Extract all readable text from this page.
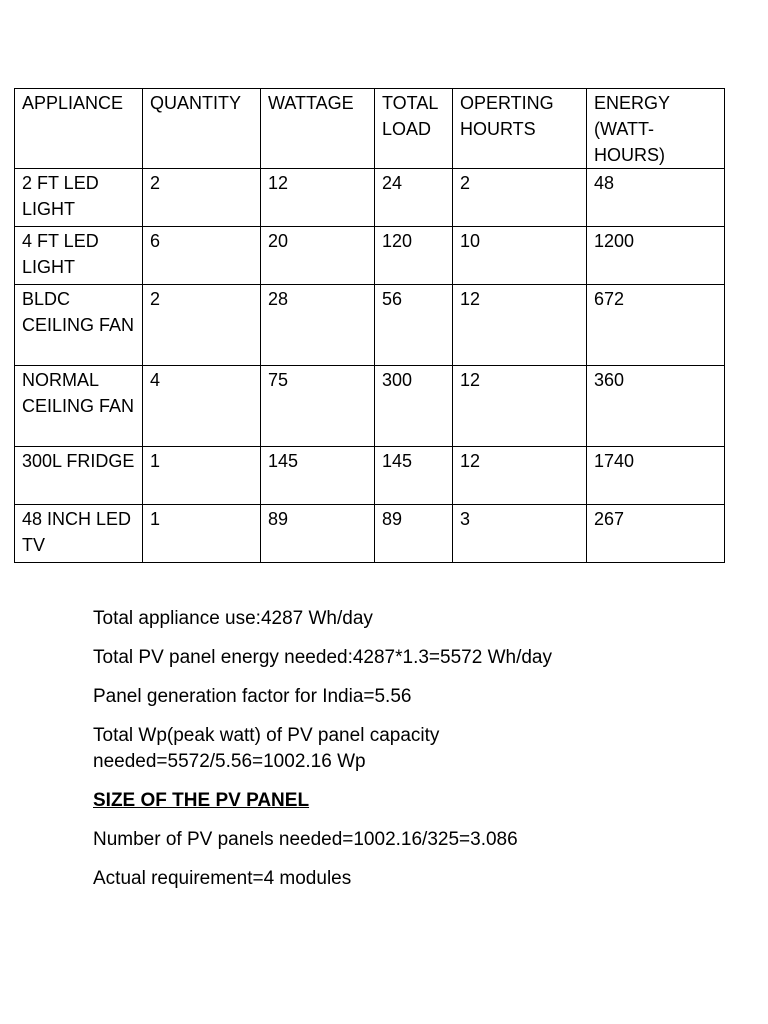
APPLIANCE	QUANTITY	WATTAGE	TOTAL LOAD	OPERTING HOURTS	ENERGY (WATT-
HOURS)
2 FT LED LIGHT	2	12	24	2	48
4 FT LED LIGHT	6	20	120	10	1200
BLDC CEILING FAN	2	28	56	12	672
NORMAL CEILING FAN	4	75	300	12	360
300L FRIDGE	1	145	145	12	1740
48 INCH LED TV	1	89	89	3	267

Total appliance use:4287 Wh/day

Total PV panel energy needed:4287*1.3=5572 Wh/day

Panel generation factor for India=5.56

Total Wp(peak watt) of PV panel capacity needed=5572/5.56=1002.16 Wp

SIZE OF THE PV PANEL

Number of PV panels needed=1002.16/325=3.086

Actual requirement=4 modules
